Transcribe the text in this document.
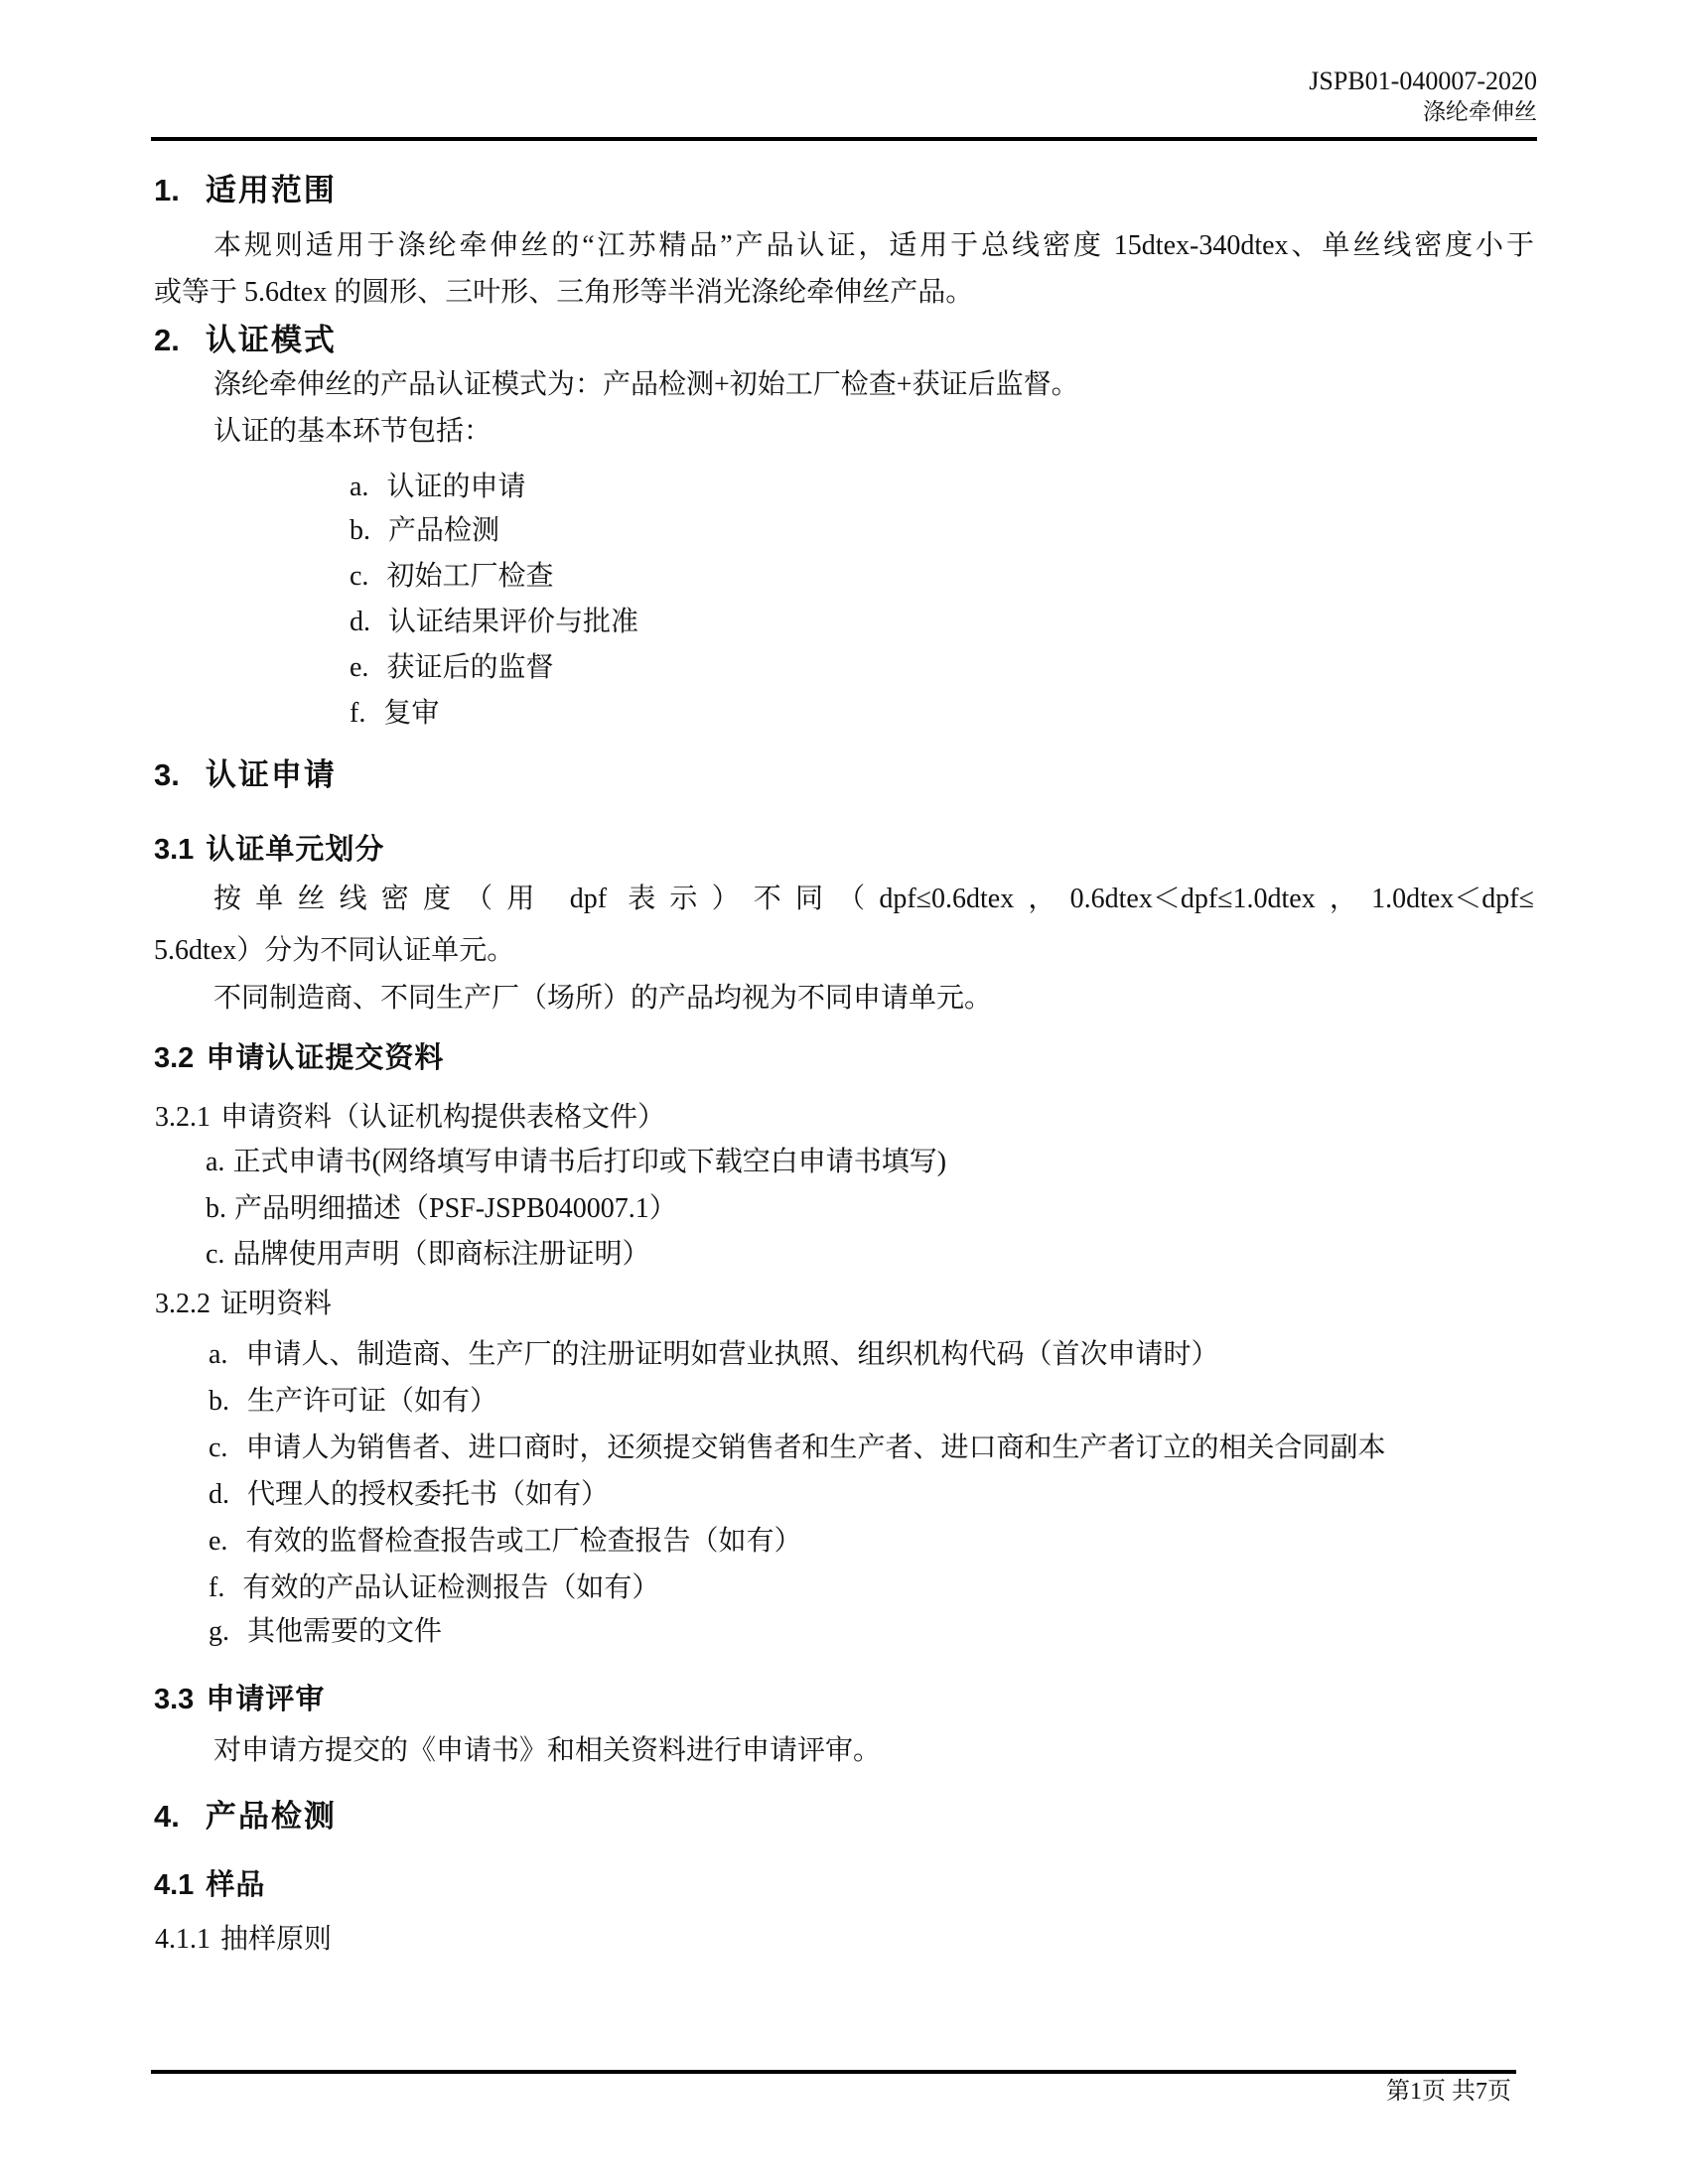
JSPB01-040007-2020
涤纶牵伸丝
1. 适用范围
本规则适用于涤纶牵伸丝的“江苏精品”产品认证，适用于总线密度 15dtex-340dtex、单丝线密度小于
或等于 5.6dtex 的圆形、三叶形、三角形等半消光涤纶牵伸丝产品。
2. 认证模式
涤纶牵伸丝的产品认证模式为：产品检测+初始工厂检查+获证后监督。
认证的基本环节包括：
a. 认证的申请
b. 产品检测
c. 初始工厂检查
d. 认证结果评价与批准
e. 获证后的监督
f. 复审
3. 认证申请
3.1 认证单元划分
按单丝线密度（用 dpf 表示）不同（dpf≤0.6dtex，0.6dtex＜dpf≤1.0dtex，1.0dtex＜dpf≤
5.6dtex）分为不同认证单元。
不同制造商、不同生产厂（场所）的产品均视为不同申请单元。
3.2 申请认证提交资料
3.2.1 申请资料（认证机构提供表格文件）
a. 正式申请书(网络填写申请书后打印或下载空白申请书填写)
b. 产品明细描述（PSF-JSPB040007.1）
c. 品牌使用声明（即商标注册证明）
3.2.2 证明资料
a. 申请人、制造商、生产厂的注册证明如营业执照、组织机构代码（首次申请时）
b. 生产许可证（如有）
c. 申请人为销售者、进口商时，还须提交销售者和生产者、进口商和生产者订立的相关合同副本
d. 代理人的授权委托书（如有）
e. 有效的监督检查报告或工厂检查报告（如有）
f. 有效的产品认证检测报告（如有）
g. 其他需要的文件
3.3 申请评审
对申请方提交的《申请书》和相关资料进行申请评审。
4. 产品检测
4.1 样品
4.1.1 抽样原则
第1页 共7页
